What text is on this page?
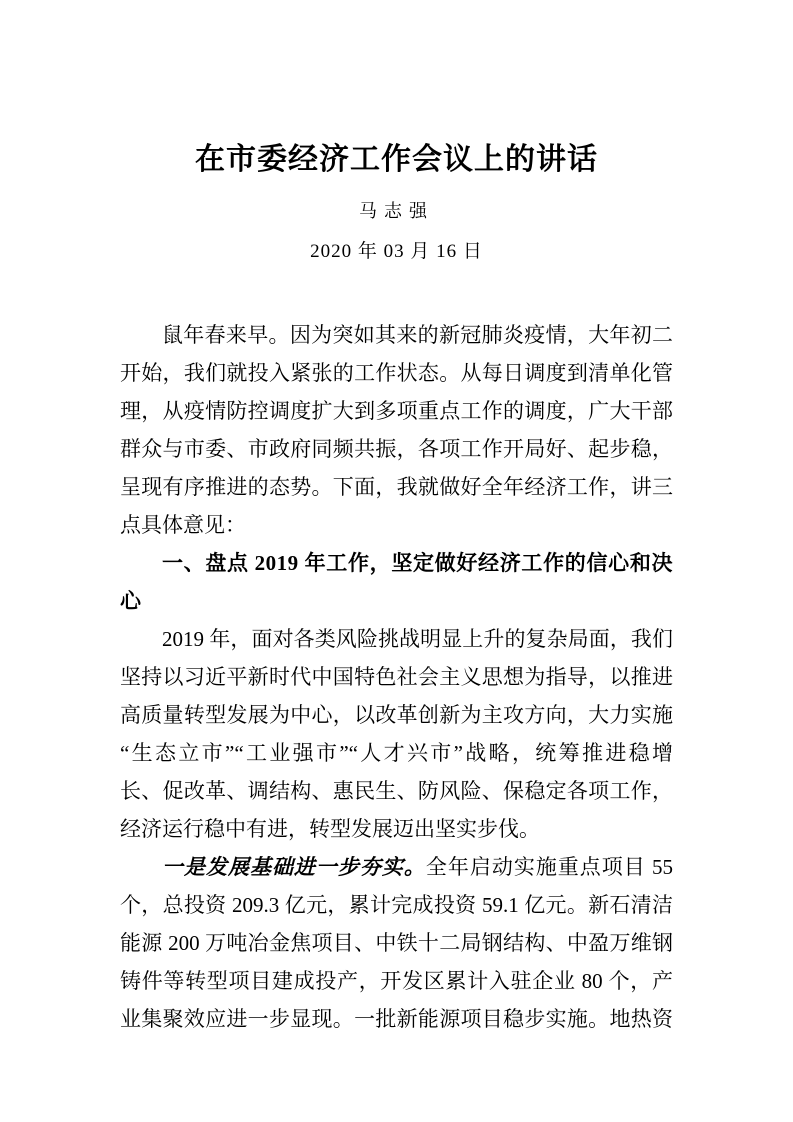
在市委经济工作会议上的讲话
马志强
2020 年 03 月 16 日
鼠年春来早。因为突如其来的新冠肺炎疫情，大年初二
开始，我们就投入紧张的工作状态。从每日调度到清单化管
理，从疫情防控调度扩大到多项重点工作的调度，广大干部
群众与市委、市政府同频共振，各项工作开局好、起步稳，
呈现有序推进的态势。下面，我就做好全年经济工作，讲三
点具体意见：
一、盘点 2019 年工作，坚定做好经济工作的信心和决
心
2019 年，面对各类风险挑战明显上升的复杂局面，我们
坚持以习近平新时代中国特色社会主义思想为指导，以推进
高质量转型发展为中心，以改革创新为主攻方向，大力实施
“生态立市”“工业强市”“人才兴市”战略，统筹推进稳增
长、促改革、调结构、惠民生、防风险、保稳定各项工作，
经济运行稳中有进，转型发展迈出坚实步伐。
一是发展基础进一步夯实。全年启动实施重点项目 55
个，总投资 209.3 亿元，累计完成投资 59.1 亿元。新石清洁
能源 200 万吨冶金焦项目、中铁十二局钢结构、中盈万维钢
铸件等转型项目建成投产，开发区累计入驻企业 80 个，产
业集聚效应进一步显现。一批新能源项目稳步实施。地热资
